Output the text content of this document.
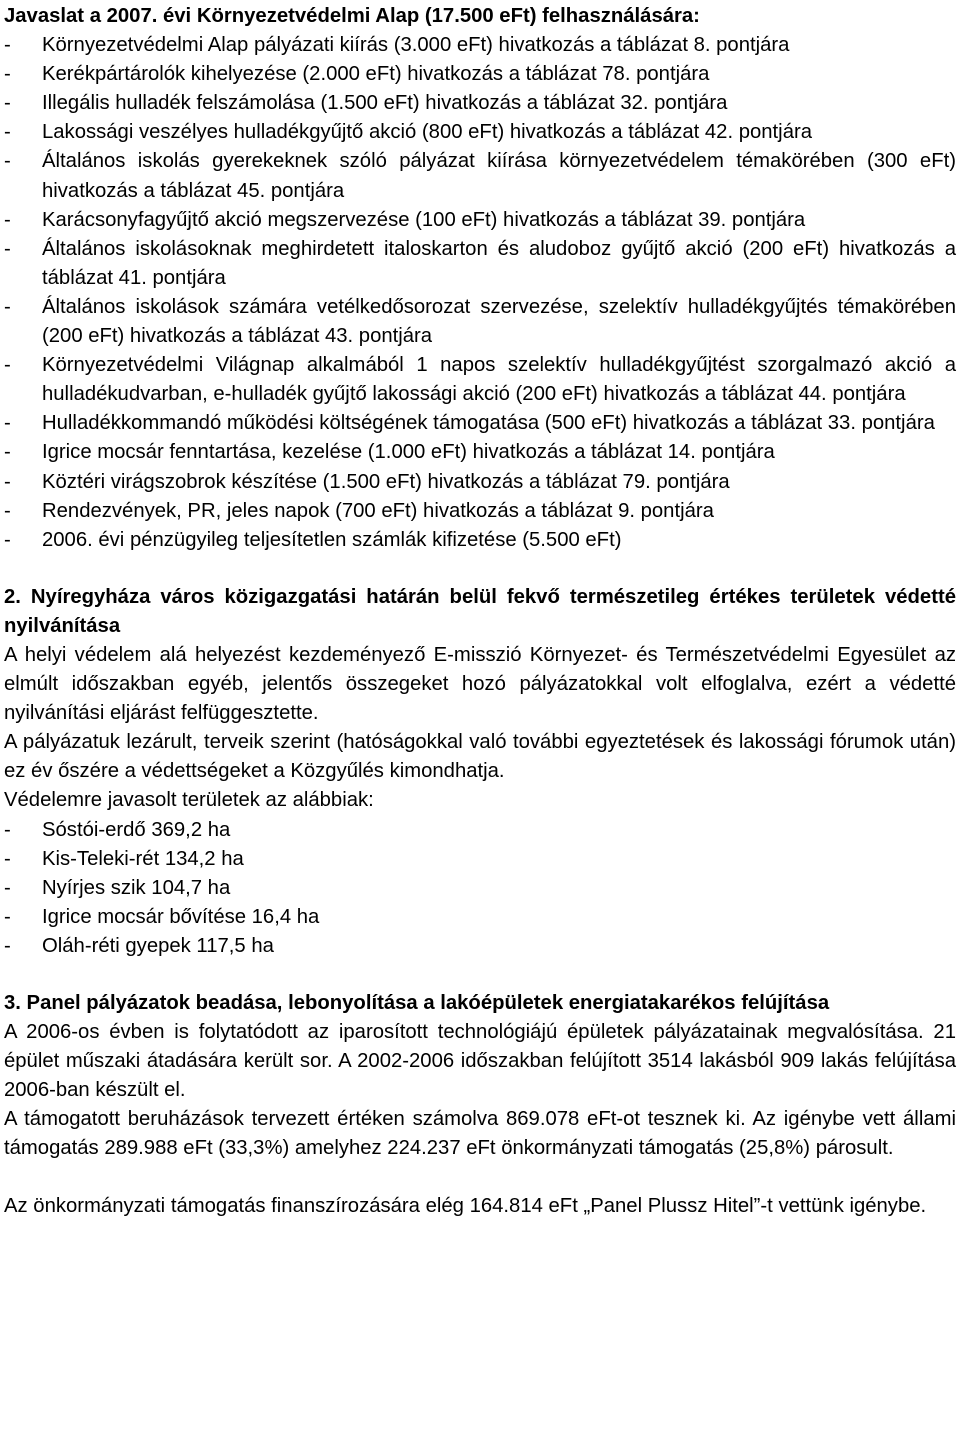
Javaslat a 2007. évi Környezetvédelmi Alap (17.500 eFt) felhasználására:

- Környezetvédelmi Alap pályázati kiírás (3.000 eFt) hivatkozás a táblázat 8. pontjára

- Kerékpártárolók kihelyezése (2.000 eFt) hivatkozás a táblázat 78. pontjára

- Illegális hulladék felszámolása (1.500 eFt) hivatkozás a táblázat 32. pontjára

- Lakossági veszélyes hulladékgyűjtő akció (800 eFt) hivatkozás a táblázat 42. pontjára

- Általános iskolás gyerekeknek szóló pályázat kiírása környezetvédelem témakörében (300 eFt) hivatkozás a táblázat 45. pontjára

- Karácsonyfagyűjtő akció megszervezése (100 eFt) hivatkozás a táblázat 39. pontjára

- Általános iskolásoknak meghirdetett italoskarton és aludoboz gyűjtő akció (200 eFt) hivatkozás a táblázat 41. pontjára

- Általános iskolások számára vetélkedősorozat szervezése, szelektív hulladékgyűjtés témakörében (200 eFt) hivatkozás a táblázat 43. pontjára

- Környezetvédelmi Világnap alkalmából 1 napos szelektív hulladékgyűjtést szorgalmazó akció a hulladékudvarban, e-hulladék gyűjtő lakossági akció (200 eFt) hivatkozás a táblázat 44. pontjára

- Hulladékkommandó működési költségének támogatása (500 eFt) hivatkozás a táblázat 33. pontjára

- Igrice mocsár fenntartása, kezelése (1.000 eFt) hivatkozás a táblázat 14. pontjára

- Köztéri virágszobrok készítése (1.500 eFt) hivatkozás a táblázat 79. pontjára

- Rendezvények, PR, jeles napok (700 eFt) hivatkozás a táblázat 9. pontjára

- 2006. évi pénzügyileg teljesítetlen számlák kifizetése (5.500 eFt)

2. Nyíregyháza város közigazgatási határán belül fekvő természetileg értékes területek védetté nyilvánítása

A helyi védelem alá helyezést kezdeményező E-misszió Környezet- és Természetvédelmi Egyesület az elmúlt időszakban egyéb, jelentős összegeket hozó pályázatokkal volt elfoglalva, ezért a védetté nyilvánítási eljárást felfüggesztette.

A pályázatuk lezárult, terveik szerint (hatóságokkal való további egyeztetések és lakossági fórumok után) ez év őszére a védettségeket a Közgyűlés kimondhatja.

Védelemre javasolt területek az alábbiak:

- Sóstói-erdő 369,2 ha

- Kis-Teleki-rét 134,2 ha

- Nyírjes szik 104,7 ha

- Igrice mocsár bővítése 16,4 ha

- Oláh-réti gyepek 117,5 ha

3. Panel pályázatok beadása, lebonyolítása a lakóépületek energiatakarékos felújítása

A 2006-os évben is folytatódott az iparosított technológiájú épületek pályázatainak megvalósítása. 21 épület műszaki átadására került sor. A 2002-2006 időszakban felújított 3514 lakásból 909 lakás felújítása 2006-ban készült el.

A támogatott beruházások tervezett értéken számolva 869.078 eFt-ot tesznek ki. Az igénybe vett állami támogatás 289.988 eFt (33,3%) amelyhez 224.237 eFt önkormányzati támogatás (25,8%) párosult.

Az önkormányzati támogatás finanszírozására elég 164.814 eFt „Panel Plussz Hitel”-t vettünk igénybe.
